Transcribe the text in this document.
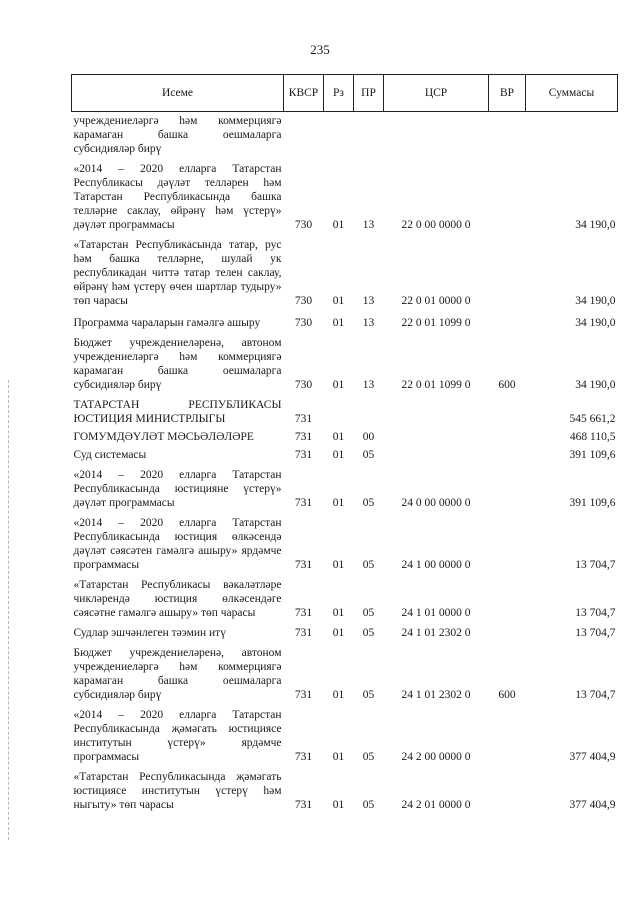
235
Исеме	КВСР	Рз	ПР	ЦСР	ВР	Суммасы
учреждениеләргә һәм коммерциягә карамаган башка оешмаларга субсидияләр бирү						
«2014 – 2020 елларга Татарстан Республикасы дәүләт телләрен һәм Татарстан Республикасында башка телләрне саклау, өйрәнү һәм үстерү» дәүләт программасы	730	01	13	22 0 00 0000 0		34 190,0
«Татарстан Республикасында татар, рус һәм башка телләрне, шулай ук республикадан читтә татар телен саклау, өйрәнү һәм үстерү өчен шартлар тудыру» төп чарасы	730	01	13	22 0 01 0000 0		34 190,0
Программа чараларын гамәлгә ашыру	730	01	13	22 0 01 1099 0		34 190,0
Бюджет учреждениеләренә, автоном учреждениеләргә һәм коммерциягә карамаган башка оешмаларга субсидияләр бирү	730	01	13	22 0 01 1099 0	600	34 190,0
ТАТАРСТАН РЕСПУБЛИКАСЫ ЮСТИЦИЯ МИНИСТРЛЫГЫ	731					545 661,2
ГОМУМДӘҮЛӘТ МӘСЬӘЛӘЛӘРЕ	731	01	00			468 110,5
Суд системасы	731	01	05			391 109,6
«2014 – 2020 елларга Татарстан Республикасында юстицияне үстерү» дәүләт программасы	731	01	05	24 0 00 0000 0		391 109,6
«2014 – 2020 елларга Татарстан Республикасында юстиция өлкәсендә дәүләт сәясәтен гамәлгә ашыру» ярдәмче программасы	731	01	05	24 1 00 0000 0		13 704,7
«Татарстан Республикасы вәкаләтләре чикләрендә юстиция өлкәсендәге сәясәтне гамәлгә ашыру» төп чарасы	731	01	05	24 1 01 0000 0		13 704,7
Судлар эшчәнлеген тәэмин итү	731	01	05	24 1 01 2302 0		13 704,7
Бюджет учреждениеләренә, автоном учреждениеләргә һәм коммерциягә карамаган башка оешмаларга субсидияләр бирү	731	01	05	24 1 01 2302 0	600	13 704,7
«2014 – 2020 елларга Татарстан Республикасында җәмәгать юстициясе институтын үстерү» ярдәмче программасы	731	01	05	24 2 00 0000 0		377 404,9
«Татарстан Республикасында җәмәгать юстициясе институтын үстерү һәм ныгыту» төп чарасы	731	01	05	24 2 01 0000 0		377 404,9
